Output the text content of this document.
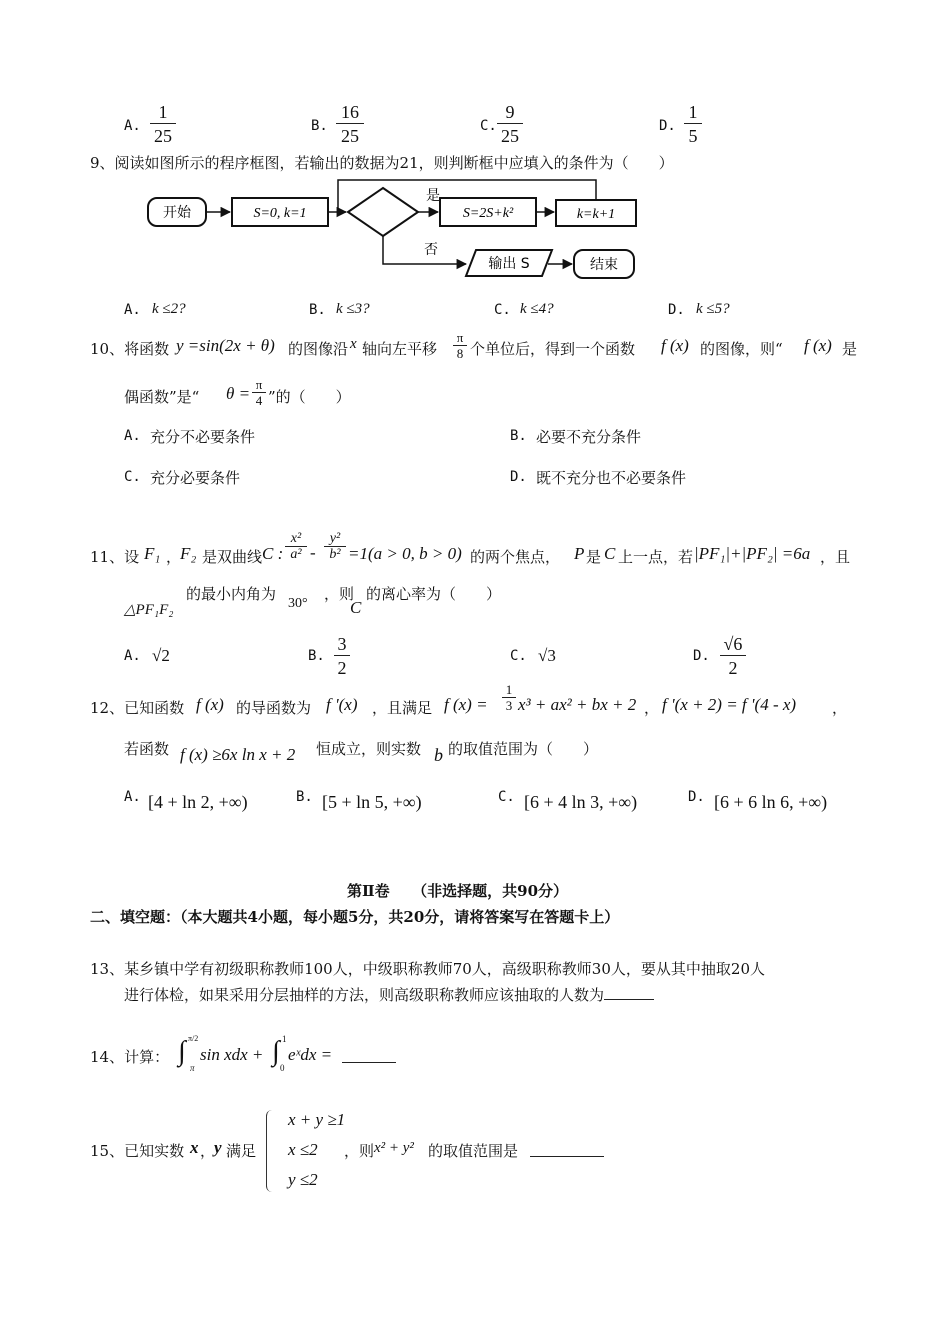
A. $\frac{1}{25}$	B. $\frac{16}{25}$	C. $\frac{9}{25}$	D. $\frac{1}{5}$
9、阅读如图所示的程序框图，若输出的数据为21，则判断框中应填入的条件为（　　）
开始	S=0, k=1
是
S=2S+k²	k=k+1
否
输出 S	结束
A. k ≤2?	B. k ≤3?	C. k ≤4?	D. k ≤5?
10、将函数 y =sin(2x + θ) 的图像沿 x 轴向左平移 $\frac{\pi}{8}$ 个单位后，得到一个函数 f (x) 的图像，则“ f (x) 是
偶函数”是“ $\theta = \frac{\pi}{4}$ ”的（　　）
A. 充分不必要条件	B. 必要不充分条件
C. 充分必要条件	D. 既不充分也不必要条件
11、设 F₁ ，
F₂ 是双曲线 C : $\frac{\text{x²}}{\text{a²}} - \frac{\text{y²}}{\text{b²}} =1(a > 0$, b > 0) 的两个焦点， P 是 C 上一点，若 |PF₁|+|PF₂| =6a ，且
△PF₁F₂
的最小内角为
30°
，则
C
的离心率为（　　）
A. √2	B. $\frac{3}{2}$	C. √3	D. $\frac{√6}{2}$
12、已知函数 f (x) 的导函数为 f '(x) ，且满足 f $(x) = \frac{1}{3} x^3 + ax^2$ + bx + 2 ， f '(x + 2) = f '(4 - x) ，
若函数 f (x) ≥6x ln x + 2 恒成立，则实数 b 的取值范围为（　　）
A. [4 + ln 2, +∞)	B. [5 + ln 5, +∞)	C. [6 + 4 ln 3, +∞)	D. [6 + 6 ln 6, +∞)
第Ⅱ卷　　（非选择题，共90分）
二、填空题：（本大题共4小题，每小题5分，共20分，请将答案写在答题卡上）
13、某乡镇中学有初级职称教师100人，中级职称教师70人，高级职称教师30人，要从其中抽取20人
进行体检，如果采用分层抽样的方法，则高级职称教师应该抽取的人数为
14、计算： ∫ π/2
π
sin xdx + ∫ 1
0
eˣdx =
15、已知实数 x ，
y 满足
x + y ≥1
x ≤2
y ≤2
，则 x² + y² 的取值范围是
